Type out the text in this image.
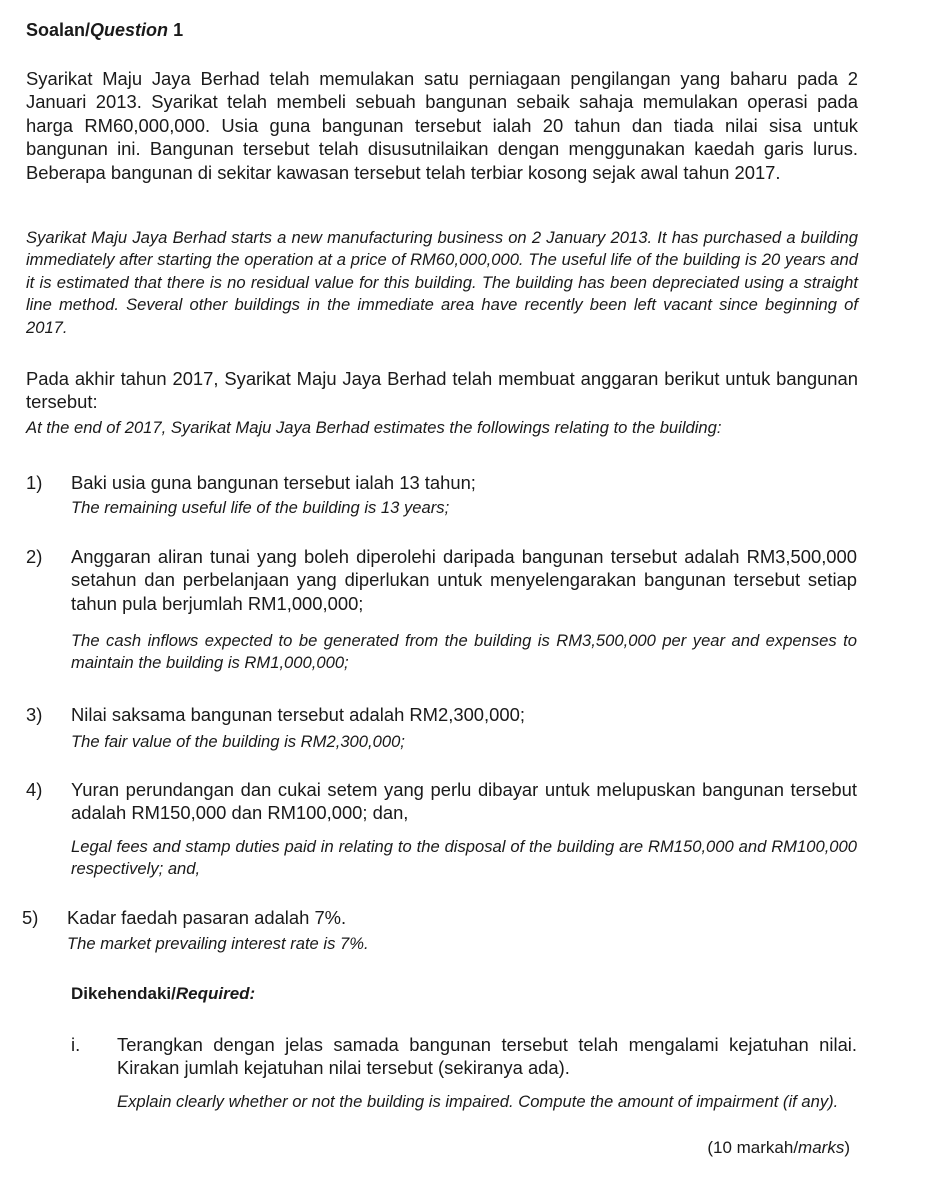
Soalan/Question 1
Syarikat Maju Jaya Berhad telah memulakan satu perniagaan pengilangan yang baharu pada 2 Januari 2013. Syarikat telah membeli sebuah bangunan sebaik sahaja memulakan operasi pada harga RM60,000,000. Usia guna bangunan tersebut ialah 20 tahun dan tiada nilai sisa untuk bangunan ini. Bangunan tersebut telah disusutnilaikan dengan menggunakan kaedah garis lurus. Beberapa bangunan di sekitar kawasan tersebut telah terbiar kosong sejak awal tahun 2017.
Syarikat Maju Jaya Berhad starts a new manufacturing business on 2 January 2013. It has purchased a building immediately after starting the operation at a price of RM60,000,000. The useful life of the building is 20 years and it is estimated that there is no residual value for this building. The building has been depreciated using a straight line method. Several other buildings in the immediate area have recently been left vacant since beginning of 2017.
Pada akhir tahun 2017, Syarikat Maju Jaya Berhad telah membuat anggaran berikut untuk bangunan tersebut:
At the end of 2017, Syarikat Maju Jaya Berhad estimates the followings relating to the building:
1) Baki usia guna bangunan tersebut ialah 13 tahun;
The remaining useful life of the building is 13 years;
2) Anggaran aliran tunai yang boleh diperolehi daripada bangunan tersebut adalah RM3,500,000 setahun dan perbelanjaan yang diperlukan untuk menyelengarakan bangunan tersebut setiap tahun pula berjumlah RM1,000,000;
The cash inflows expected to be generated from the building is RM3,500,000 per year and expenses to maintain the building is RM1,000,000;
3) Nilai saksama bangunan tersebut adalah RM2,300,000;
The fair value of the building is RM2,300,000;
4) Yuran perundangan dan cukai setem yang perlu dibayar untuk melupuskan bangunan tersebut adalah RM150,000 dan RM100,000; dan,
Legal fees and stamp duties paid in relating to the disposal of the building are RM150,000 and RM100,000 respectively; and,
5) Kadar faedah pasaran adalah 7%.
The market prevailing interest rate is 7%.
Dikehendaki/Required:
i. Terangkan dengan jelas samada bangunan tersebut telah mengalami kejatuhan nilai. Kirakan jumlah kejatuhan nilai tersebut (sekiranya ada).
Explain clearly whether or not the building is impaired. Compute the amount of impairment (if any).
(10 markah/marks)
